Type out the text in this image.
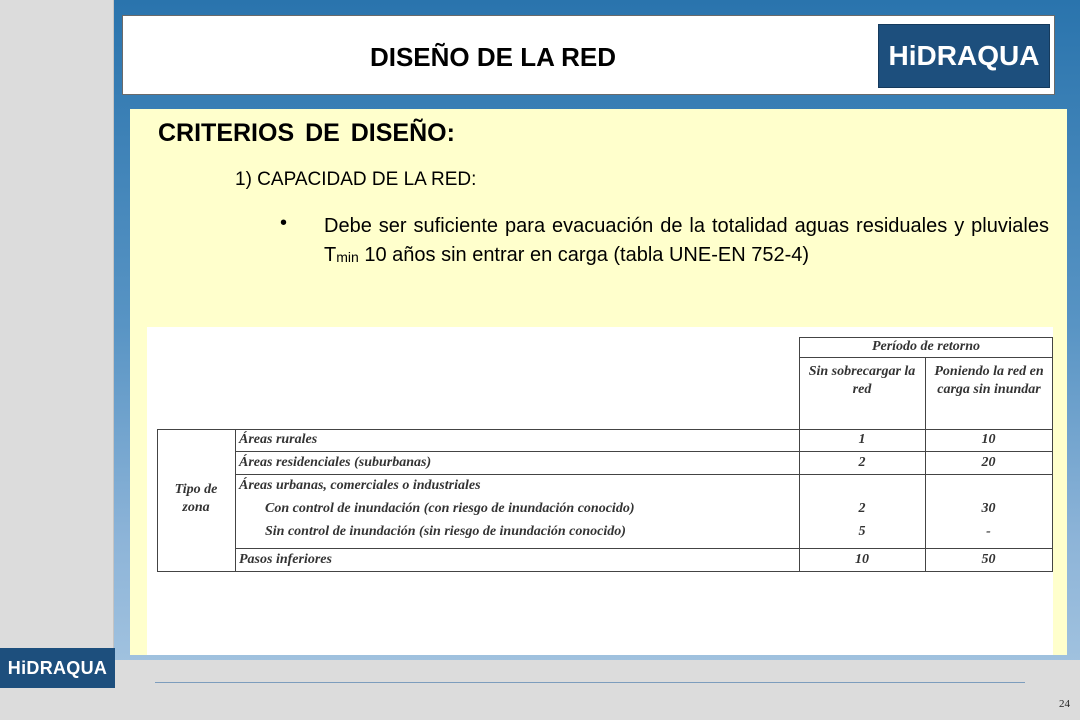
24
HiDRAQUA
DISEÑO DE LA RED	HiDRAQUA
CRITERIOS DE DISEÑO:
1) CAPACIDAD DE LA RED:
• Debe ser suficiente para evacuación de la totalidad aguas residuales y pluviales $T_{min}$ 10 años sin entrar en carga (tabla UNE-EN 752-4)
Período de retorno
Sin sobrecargar la red
Poniendo la red en carga sin inundar
Tipo de zona
Áreas rurales	1	10
Áreas residenciales (suburbanas)	2	20
Áreas urbanas, comerciales o industriales
Con control de inundación (con riesgo de inundación conocido)	2	30
Sin control de inundación (sin riesgo de inundación conocido)	5	-
Pasos inferiores	10	50
